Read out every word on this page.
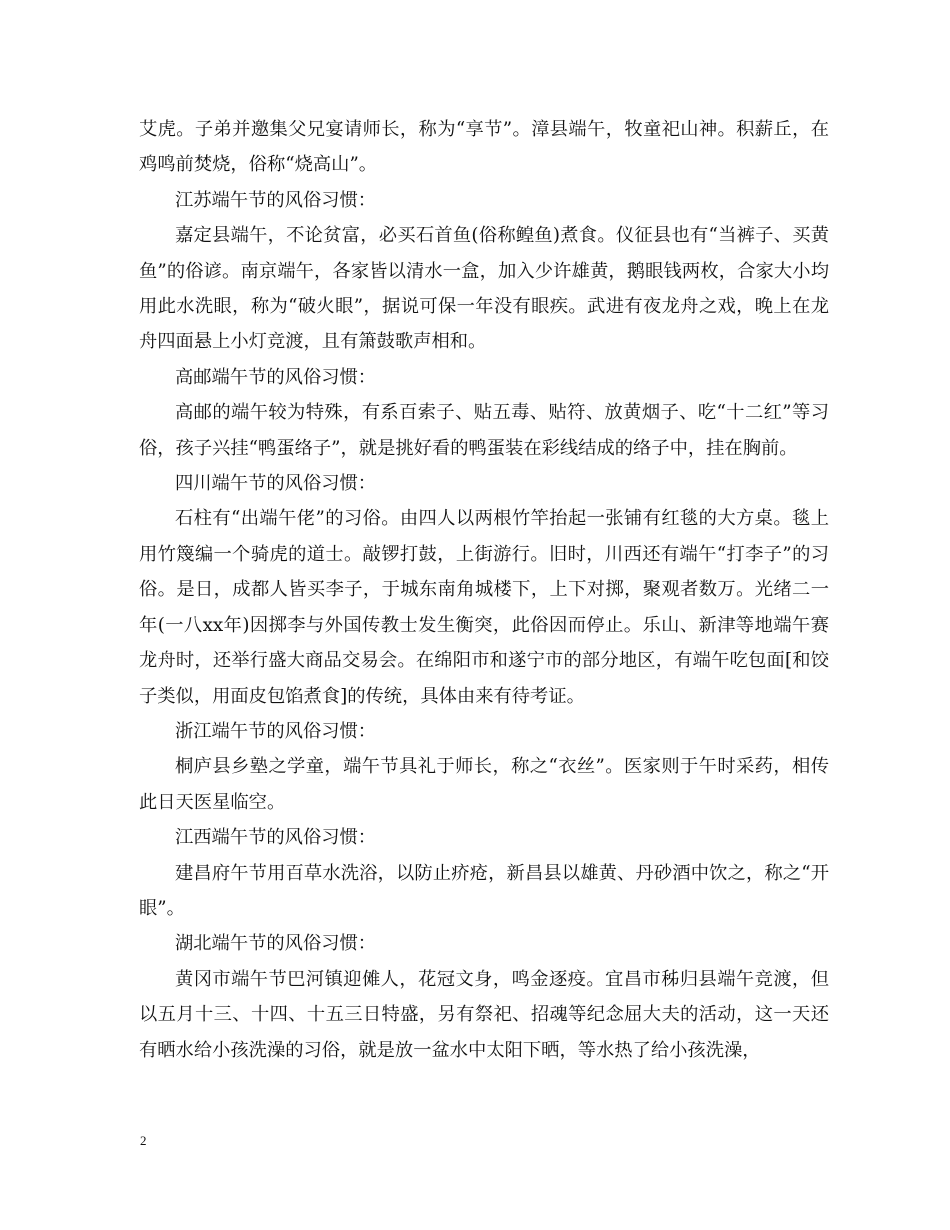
艾虎。子弟并邀集父兄宴请师长，称为“享节”。漳县端午，牧童祀山神。积薪丘，在鸡鸣前焚烧，俗称“烧高山”。

江苏端午节的风俗习惯：

嘉定县端午，不论贫富，必买石首鱼(俗称鳇鱼)煮食。仪征县也有“当裤子、买黄鱼”的俗谚。南京端午，各家皆以清水一盒，加入少许雄黄，鹅眼钱两枚，合家大小均用此水洗眼，称为“破火眼”，据说可保一年没有眼疾。武进有夜龙舟之戏，晚上在龙舟四面悬上小灯竞渡，且有箫鼓歌声相和。

高邮端午节的风俗习惯：

高邮的端午较为特殊，有系百索子、贴五毒、贴符、放黄烟子、吃“十二红”等习俗，孩子兴挂“鸭蛋络子”，就是挑好看的鸭蛋装在彩线结成的络子中，挂在胸前。

四川端午节的风俗习惯：

石柱有“出端午佬”的习俗。由四人以两根竹竿抬起一张铺有红毯的大方桌。毯上用竹篾编一个骑虎的道士。敲锣打鼓，上街游行。旧时，川西还有端午“打李子”的习俗。是日，成都人皆买李子，于城东南角城楼下，上下对掷，聚观者数万。光绪二一年(一八xx年)因掷李与外国传教士发生衡突，此俗因而停止。乐山、新津等地端午赛龙舟时，还举行盛大商品交易会。在绵阳市和遂宁市的部分地区，有端午吃包面[和饺子类似，用面皮包馅煮食]的传统，具体由来有待考证。

浙江端午节的风俗习惯：

桐庐县乡塾之学童，端午节具礼于师长，称之“衣丝”。医家则于午时采药，相传此日天医星临空。

江西端午节的风俗习惯：

建昌府午节用百草水洗浴，以防止疥疮，新昌县以雄黄、丹砂酒中饮之，称之“开眼”。

湖北端午节的风俗习惯：

黄冈市端午节巴河镇迎傩人，花冠文身，鸣金逐疫。宜昌市秭归县端午竞渡，但以五月十三、十四、十五三日特盛，另有祭祀、招魂等纪念屈大夫的活动，这一天还有晒水给小孩洗澡的习俗，就是放一盆水中太阳下晒，等水热了给小孩洗澡，

2
